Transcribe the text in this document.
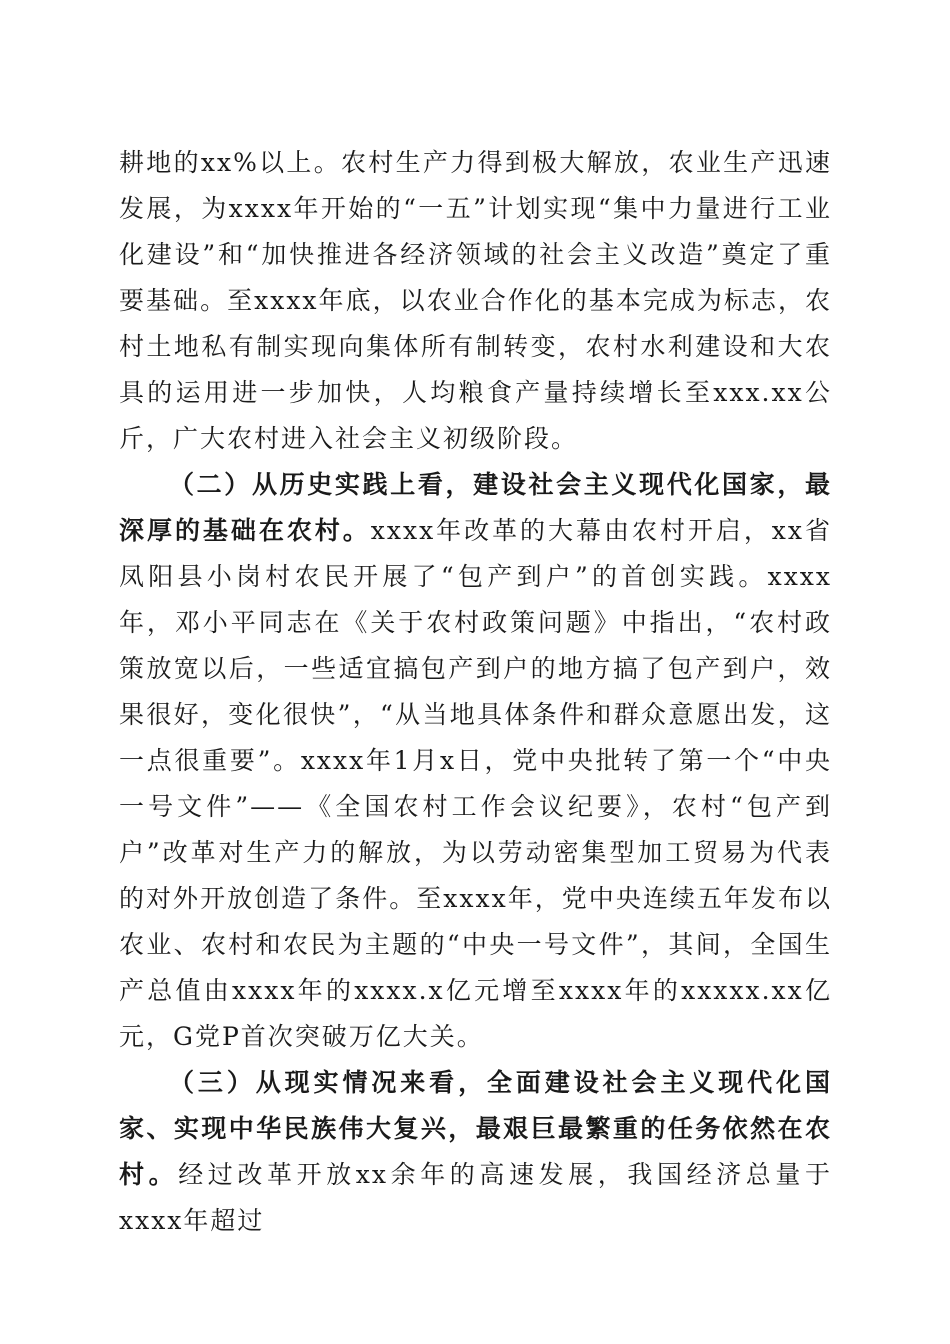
耕地的xx%以上。农村生产力得到极大解放，农业生产迅速发展，为xxxx年开始的“一五”计划实现“集中力量进行工业化建设”和“加快推进各经济领域的社会主义改造”奠定了重要基础。至xxxx年底，以农业合作化的基本完成为标志，农村土地私有制实现向集体所有制转变，农村水利建设和大农具的运用进一步加快，人均粮食产量持续增长至xxx.xx公斤，广大农村进入社会主义初级阶段。

（二）从历史实践上看，建设社会主义现代化国家，最深厚的基础在农村。xxxx年改革的大幕由农村开启，xx省凤阳县小岗村农民开展了“包产到户”的首创实践。xxxx年，邓小平同志在《关于农村政策问题》中指出，“农村政策放宽以后，一些适宜搞包产到户的地方搞了包产到户，效果很好，变化很快”，“从当地具体条件和群众意愿出发，这一点很重要”。xxxx年1月x日，党中央批转了第一个“中央一号文件”——《全国农村工作会议纪要》，农村“包产到户”改革对生产力的解放，为以劳动密集型加工贸易为代表的对外开放创造了条件。至xxxx年，党中央连续五年发布以农业、农村和农民为主题的“中央一号文件”，其间，全国生产总值由xxxx年的xxxx.x亿元增至xxxx年的xxxxx.xx亿元，G党P首次突破万亿大关。

（三）从现实情况来看，全面建设社会主义现代化国家、实现中华民族伟大复兴，最艰巨最繁重的任务依然在农村。经过改革开放xx余年的高速发展，我国经济总量于xxxx年超过
